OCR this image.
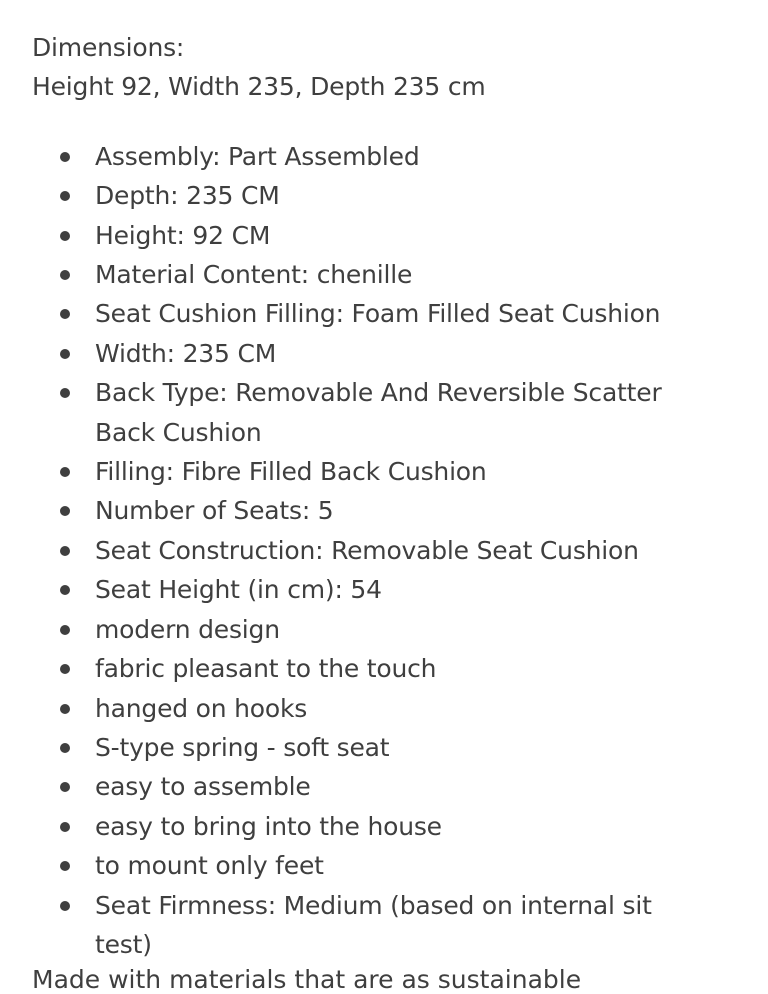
Dimensions:

Height 92, Width 235, Depth 235 cm

Assembly: Part Assembled
Depth: 235 CM
Height: 92 CM
Material Content: chenille
Seat Cushion Filling: Foam Filled Seat Cushion
Width: 235 CM
Back Type: Removable And Reversible Scatter Back Cushion
Filling: Fibre Filled Back Cushion
Number of Seats: 5
Seat Construction: Removable Seat Cushion
Seat Height (in cm): 54
modern design
fabric pleasant to the touch
hanged on hooks
S-type spring - soft seat
easy to assemble
easy to bring into the house
to mount only feet
Seat Firmness: Medium (based on internal sit test)
Made with materials that are as sustainable
